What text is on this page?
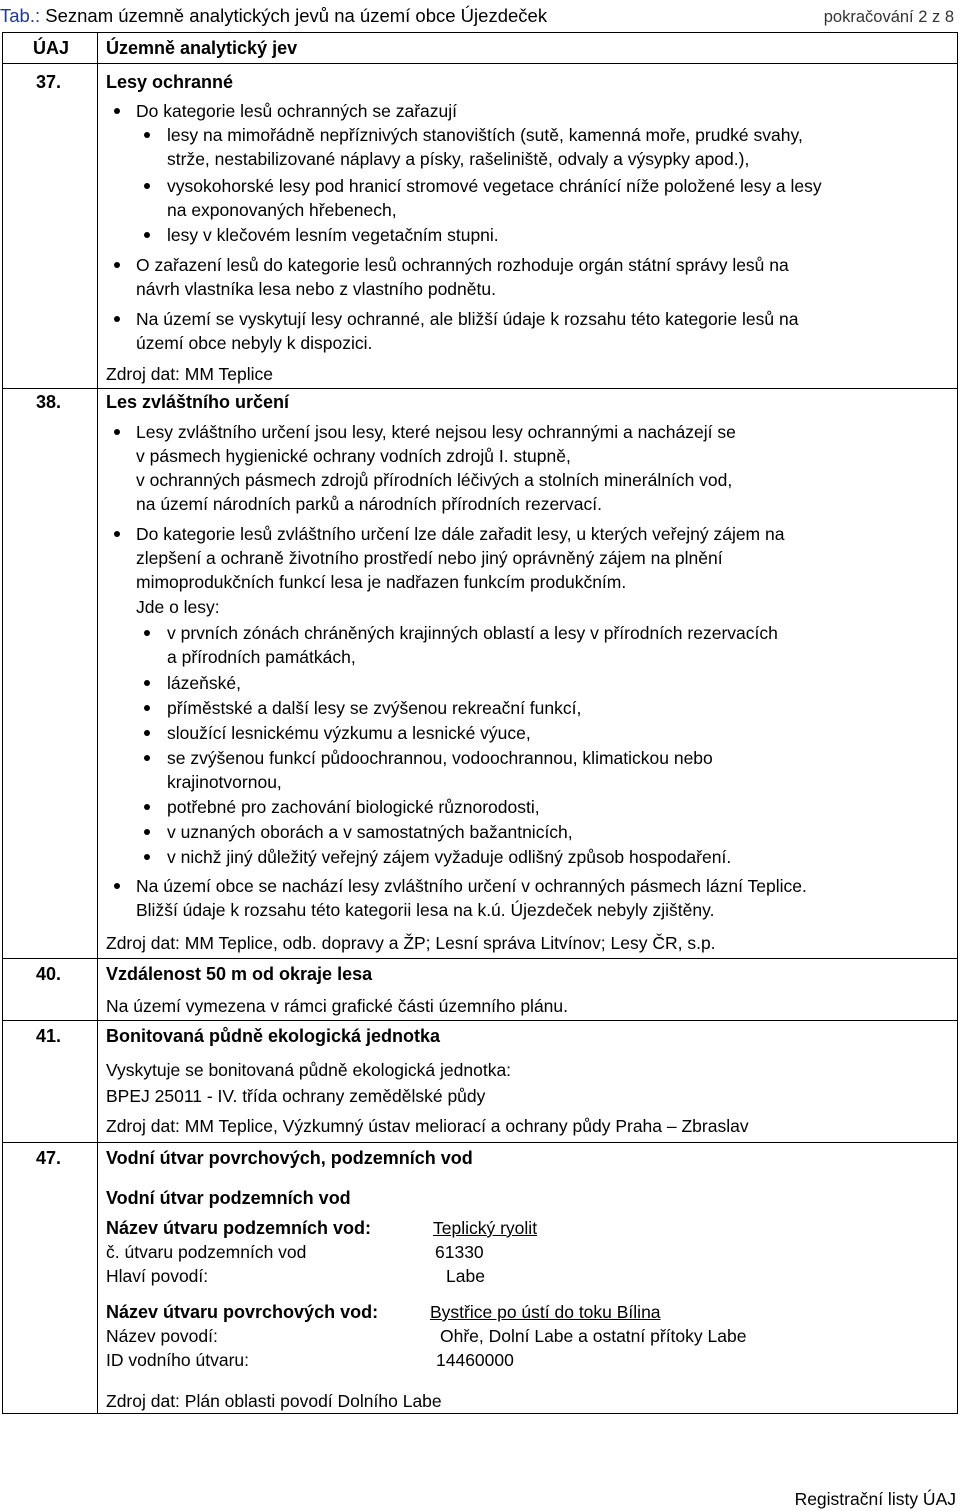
Tab.: Seznam územně analytických jevů na území obce Újezdeček	pokračování 2 z 8
ÚAJ Územně analytický jev
37. Lesy ochranné
Do kategorie lesů ochranných se zařazují
lesy na mimořádně nepříznivých stanovištích (sutě, kamenná moře, prudké svahy,
strže, nestabilizované náplavy a písky, rašeliniště, odvaly a výsypky apod.),
vysokohorské lesy pod hranicí stromové vegetace chránící níže položené lesy a lesy
na exponovaných hřebenech,
lesy v klečovém lesním vegetačním stupni.
O zařazení lesů do kategorie lesů ochranných rozhoduje orgán státní správy lesů na
návrh vlastníka lesa nebo z vlastního podnětu.
Na území se vyskytují lesy ochranné, ale bližší údaje k rozsahu této kategorie lesů na
území obce nebyly k dispozici.
Zdroj dat: MM Teplice
38. Les zvláštního určení
Lesy zvláštního určení jsou lesy, které nejsou lesy ochrannými a nacházejí se
v pásmech hygienické ochrany vodních zdrojů I. stupně,
v ochranných pásmech zdrojů přírodních léčivých a stolních minerálních vod,
na území národních parků a národních přírodních rezervací.
Do kategorie lesů zvláštního určení lze dále zařadit lesy, u kterých veřejný zájem na
zlepšení a ochraně životního prostředí nebo jiný oprávněný zájem na plnění
mimoprodukčních funkcí lesa je nadřazen funkcím produkčním.
Jde o lesy:
v prvních zónách chráněných krajinných oblastí a lesy v přírodních rezervacích
a přírodních památkách,
lázeňské,
příměstské a další lesy se zvýšenou rekreační funkcí,
sloužící lesnickému výzkumu a lesnické výuce,
se zvýšenou funkcí půdoochrannou, vodoochrannou, klimatickou nebo
krajinotvornou,
potřebné pro zachování biologické různorodosti,
v uznaných oborách a v samostatných bažantnicích,
v nichž jiný důležitý veřejný zájem vyžaduje odlišný způsob hospodaření.
Na území obce se nachází lesy zvláštního určení v ochranných pásmech lázní Teplice.
Bližší údaje k rozsahu této kategorii lesa na k.ú. Újezdeček nebyly zjištěny.
Zdroj dat: MM Teplice, odb. dopravy a ŽP; Lesní správa Litvínov; Lesy ČR, s.p.
40. Vzdálenost 50 m od okraje lesa
Na území vymezena v rámci grafické části územního plánu.
41. Bonitovaná půdně ekologická jednotka
Vyskytuje se bonitovaná půdně ekologická jednotka:
BPEJ 25011 - IV. třída ochrany zemědělské půdy
Zdroj dat: MM Teplice, Výzkumný ústav meliorací a ochrany půdy Praha – Zbraslav
47. Vodní útvar povrchových, podzemních vod
Vodní útvar podzemních vod
Název útvaru podzemních vod:	Teplický ryolit
č. útvaru podzemních vod	61330
Hlaví povodí:	Labe
Název útvaru povrchových vod:	Bystřice po ústí do toku Bílina
Název povodí:	Ohře, Dolní Labe a ostatní přítoky Labe
ID vodního útvaru:	14460000
Zdroj dat: Plán oblasti povodí Dolního Labe
Registrační listy ÚAJ
